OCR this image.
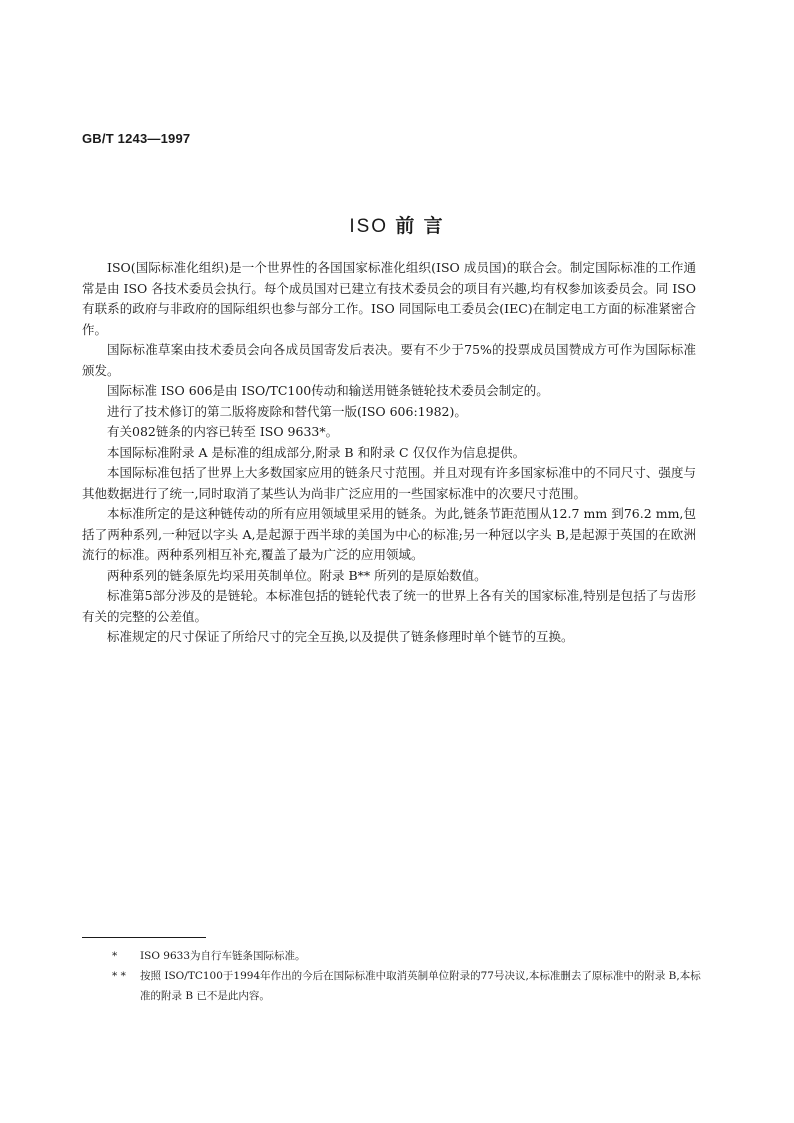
GB/T 1243—1997
ISO 前 言

ISO(国际标准化组织)是一个世界性的各国国家标准化组织(ISO 成员国)的联合会。制定国际标准的工作通常是由 ISO 各技术委员会执行。每个成员国对已建立有技术委员会的项目有兴趣,均有权参加该委员会。同 ISO 有联系的政府与非政府的国际组织也参与部分工作。ISO 同国际电工委员会(IEC)在制定电工方面的标准紧密合作。

国际标准草案由技术委员会向各成员国寄发后表决。要有不少于75%的投票成员国赞成方可作为国际标准颁发。

国际标准 ISO 606是由 ISO/TC100传动和输送用链条链轮技术委员会制定的。

进行了技术修订的第二版将废除和替代第一版(ISO 606:1982)。

有关082链条的内容已转至 ISO 9633*。

本国际标准附录 A 是标准的组成部分,附录 B 和附录 C 仅仅作为信息提供。

本国际标准包括了世界上大多数国家应用的链条尺寸范围。并且对现有许多国家标准中的不同尺寸、强度与其他数据进行了统一,同时取消了某些认为尚非广泛应用的一些国家标准中的次要尺寸范围。

本标准所定的是这种链传动的所有应用领域里采用的链条。为此,链条节距范围从12.7 mm 到76.2 mm,包括了两种系列,一种冠以字头 A,是起源于西半球的美国为中心的标准;另一种冠以字头 B,是起源于英国的在欧洲流行的标准。两种系列相互补充,覆盖了最为广泛的应用领域。

两种系列的链条原先均采用英制单位。附录 B** 所列的是原始数值。

标准第5部分涉及的是链轮。本标准包括的链轮代表了统一的世界上各有关的国家标准,特别是包括了与齿形有关的完整的公差值。

标准规定的尺寸保证了所给尺寸的完全互换,以及提供了链条修理时单个链节的互换。

*	ISO 9633为自行车链条国际标准。
* *	按照 ISO/TC100于1994年作出的今后在国际标准中取消英制单位附录的77号决议,本标准删去了原标准中的附录 B,本标准的附录 B 已不是此内容。
